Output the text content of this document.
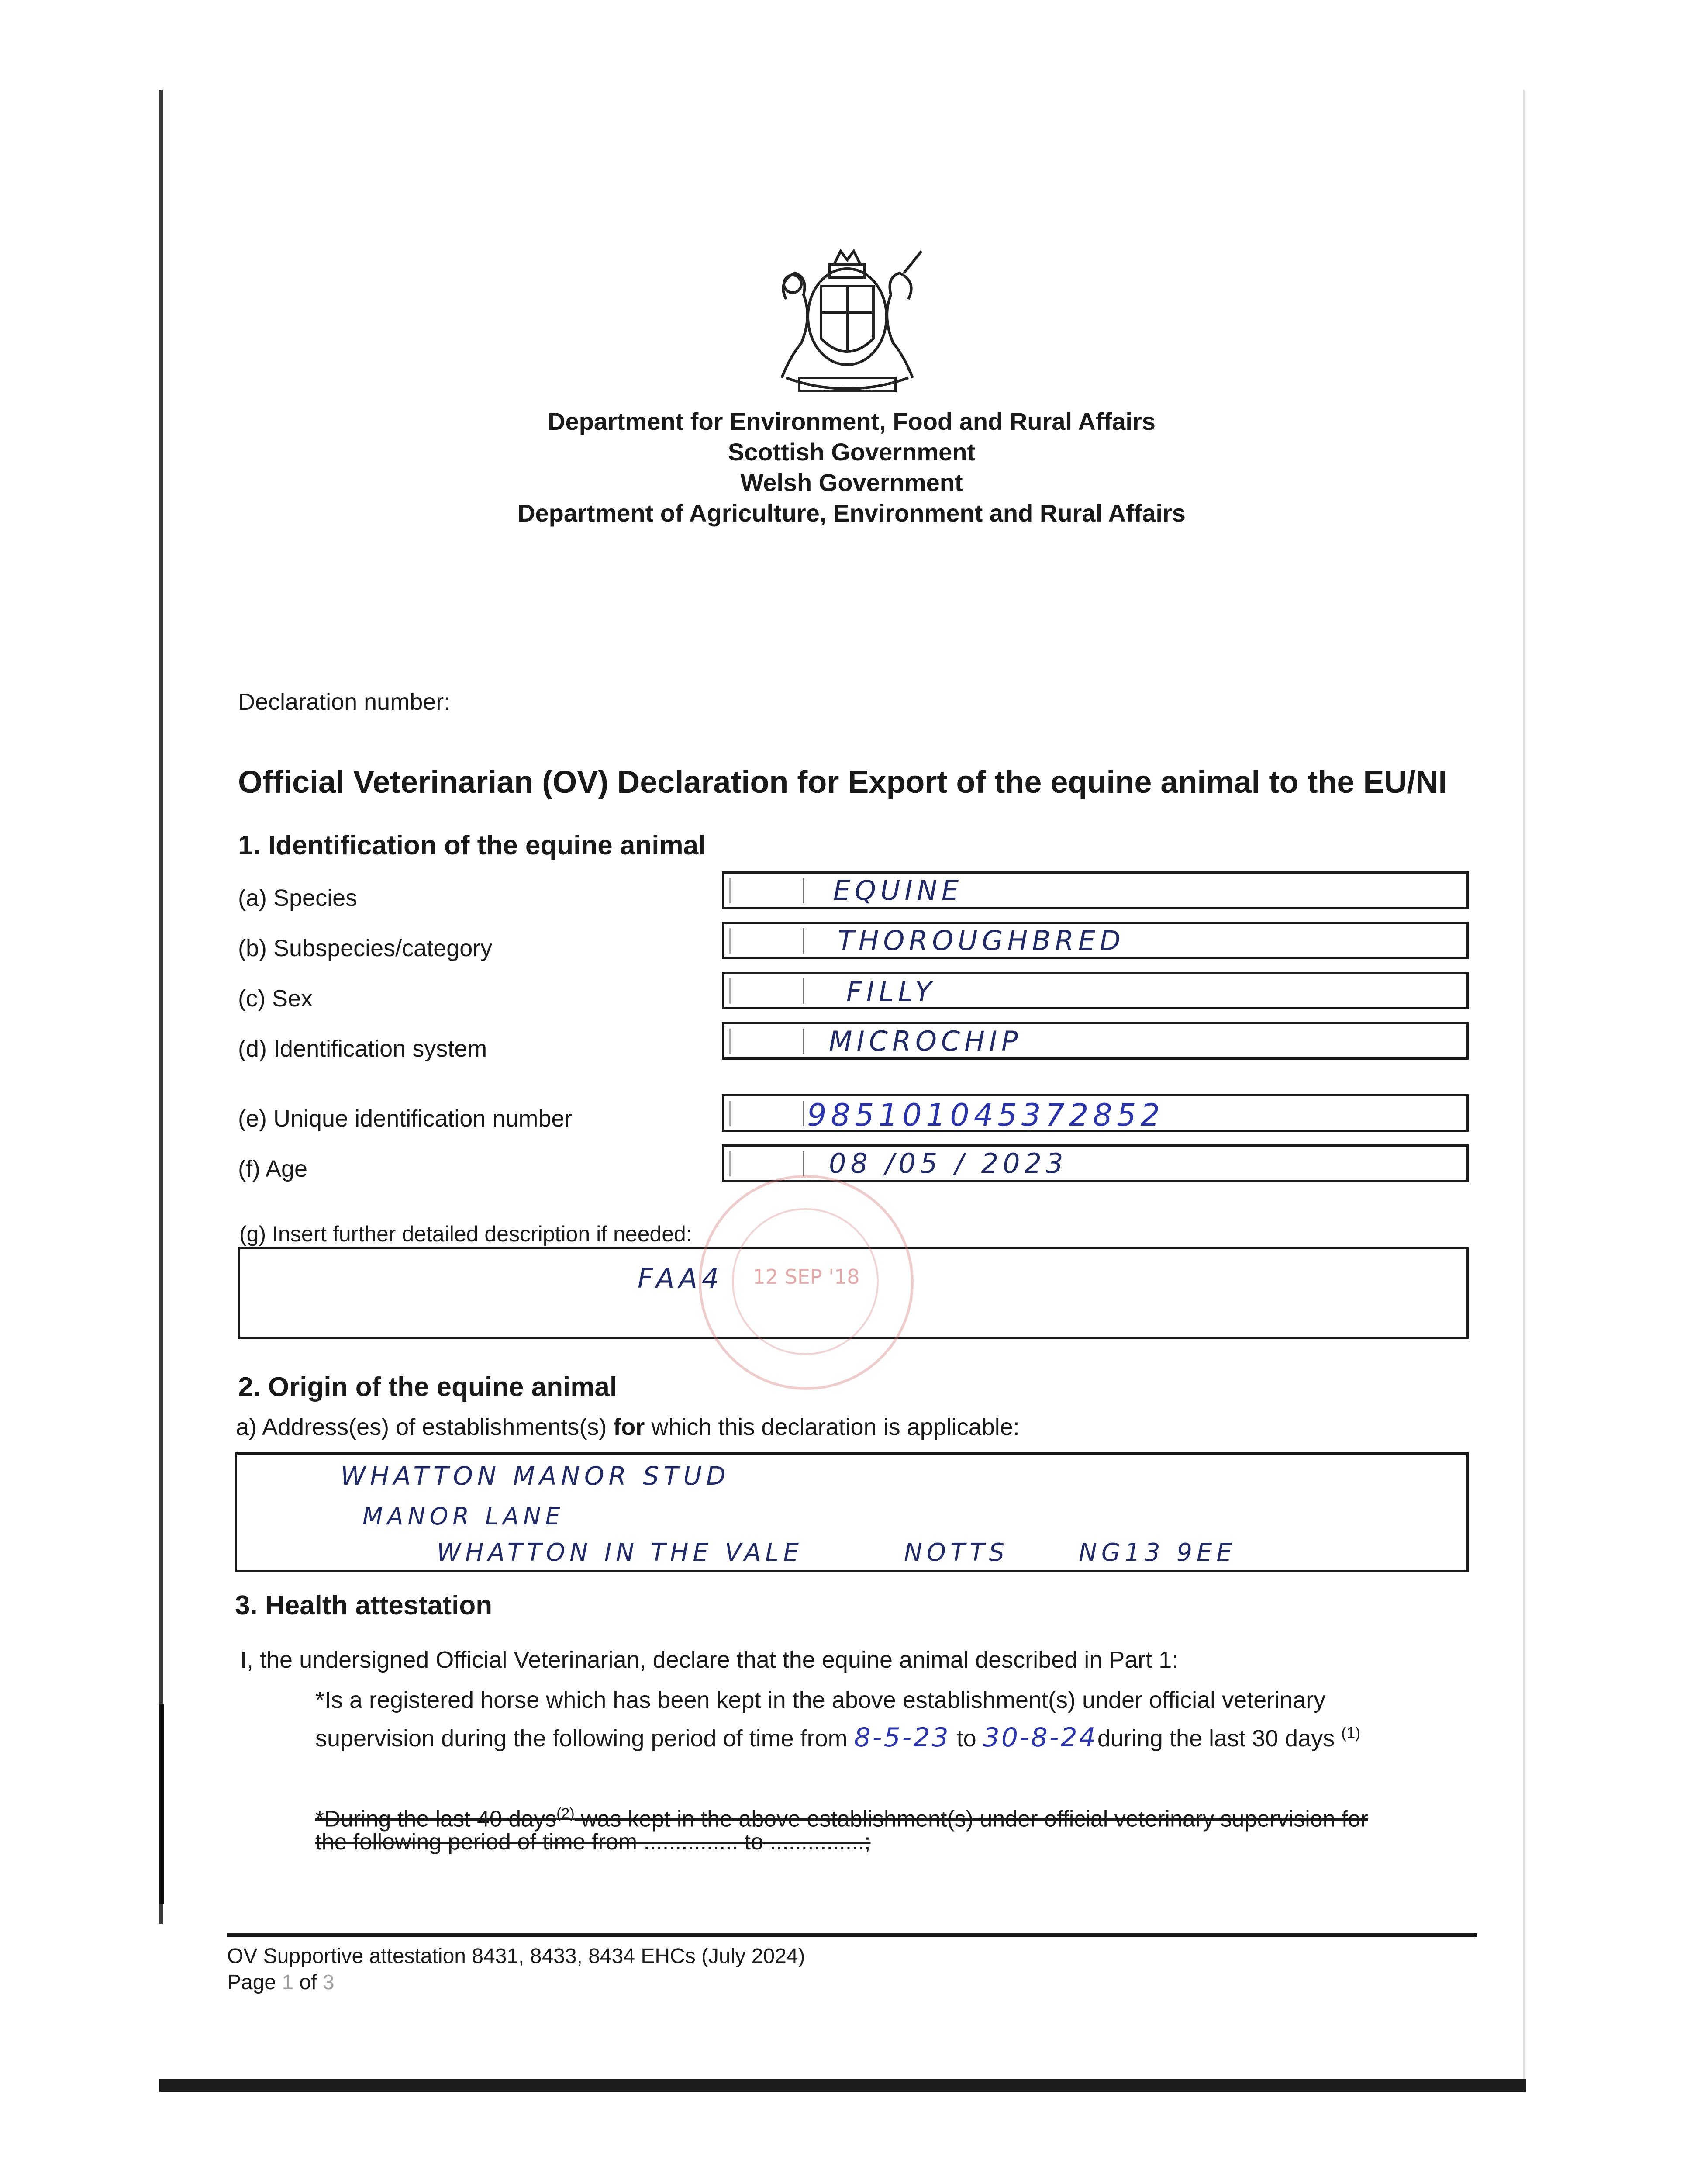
Department for Environment, Food and Rural Affairs
Scottish Government
Welsh Government
Department of Agriculture, Environment and Rural Affairs
Declaration number:
Official Veterinarian (OV) Declaration for Export of the equine animal to the EU/NI
1. Identification of the equine animal
(a) Species	EQUINE
(b) Subspecies/category	THOROUGHBRED
(c) Sex	FILLY
(d) Identification system	MICROCHIP
(e) Unique identification number	985101045372852
(f) Age	08 /05 / 2023
(g) Insert further detailed description if needed:
FAA4	12 SEP '18
2. Origin of the equine animal
a) Address(es) of establishments(s) for which this declaration is applicable:
WHATTON MANOR STUD
MANOR LANE
WHATTON IN THE VALE	NOTTS	NG13 9EE
3. Health attestation
I, the undersigned Official Veterinarian, declare that the equine animal described in Part 1:
*Is a registered horse which has been kept in the above establishment(s) under official veterinary
supervision during the following period of time from 8-5-23 to 30-8-24during the last 30 days $^{(1)}$
*During the last 40 days$^{(2)}$ was kept in the above establishment(s) under official veterinary supervision for
the following period of time from ............... to ...............;
OV Supportive attestation 8431, 8433, 8434 EHCs (July 2024)
Page 1 of 3
